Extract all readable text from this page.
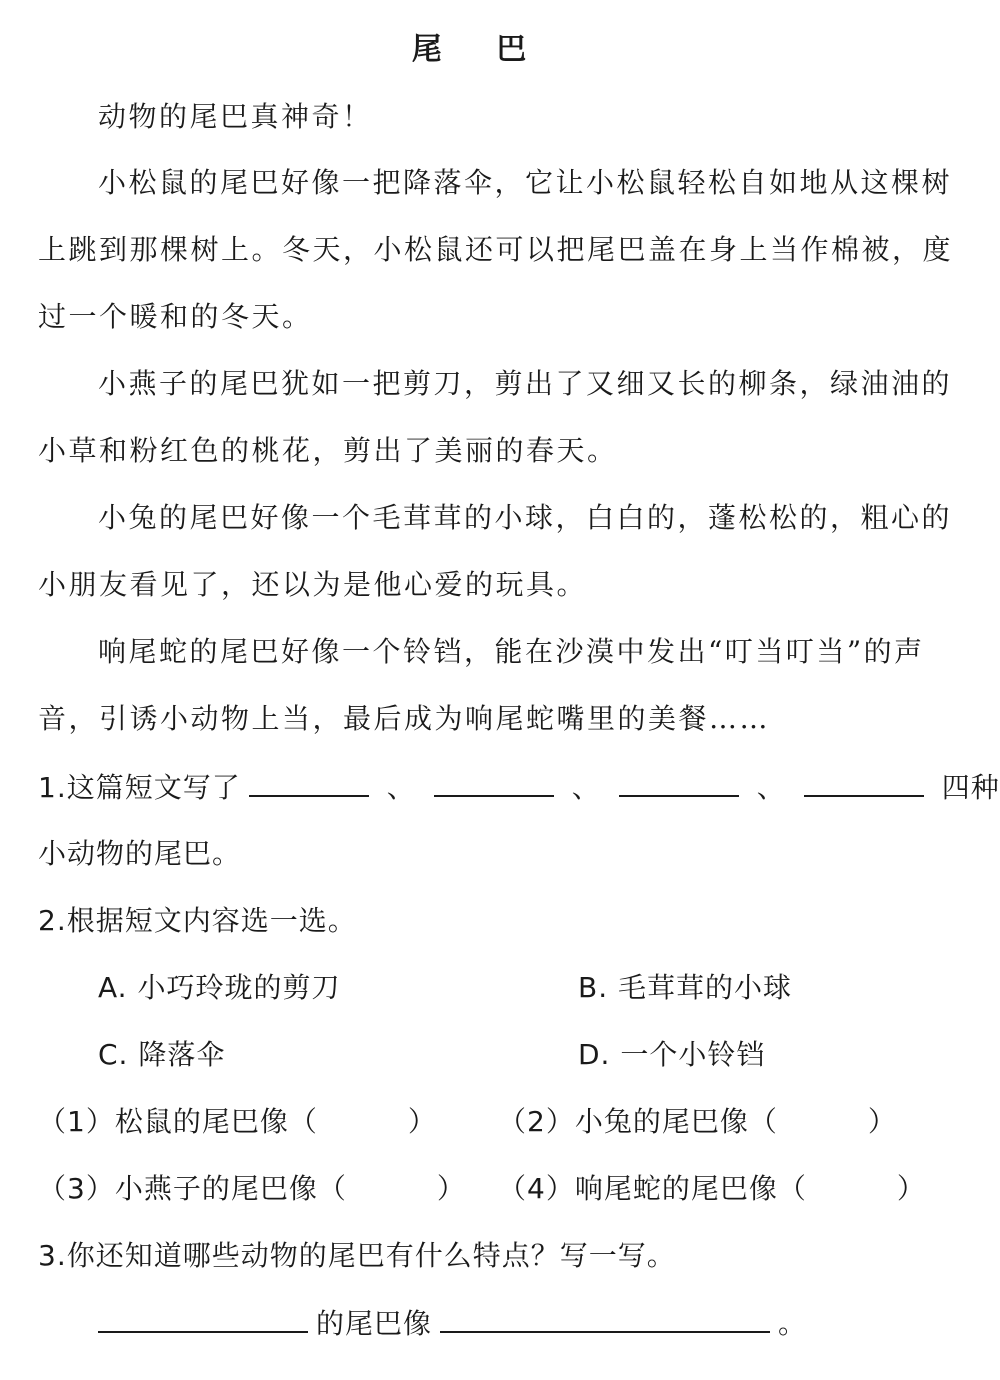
尾 巴
动物的尾巴真神奇！
小松鼠的尾巴好像一把降落伞，它让小松鼠轻松自如地从这棵树
上跳到那棵树上。冬天，小松鼠还可以把尾巴盖在身上当作棉被，度
过一个暖和的冬天。
小燕子的尾巴犹如一把剪刀，剪出了又细又长的柳条，绿油油的
小草和粉红色的桃花，剪出了美丽的春天。
小兔的尾巴好像一个毛茸茸的小球，白白的，蓬松松的，粗心的
小朋友看见了，还以为是他心爱的玩具。
响尾蛇的尾巴好像一个铃铛，能在沙漠中发出“叮当叮当”的声
音，引诱小动物上当，最后成为响尾蛇嘴里的美餐……
1.这篇短文写了	、	、	、	四种
小动物的尾巴。
2.根据短文内容选一选。
A. 小巧玲珑的剪刀	B. 毛茸茸的小球
C. 降落伞	D. 一个小铃铛
（1）松鼠的尾巴像（	） （2）小兔的尾巴像（	）
（3）小燕子的尾巴像（	） （4）响尾蛇的尾巴像（	）
3.你还知道哪些动物的尾巴有什么特点？写一写。
的尾巴像	。
